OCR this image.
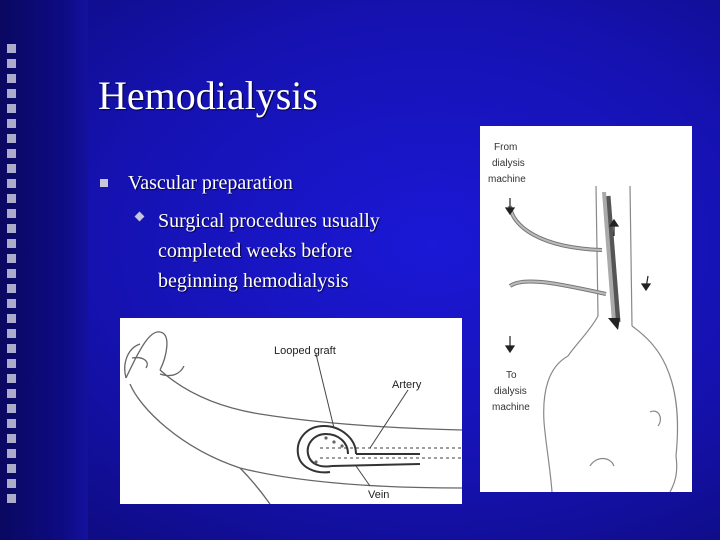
Hemodialysis
Vascular preparation
Surgical procedures usually
completed weeks before
beginning hemodialysis
Looped graft
Artery
Vein
From dialysis machine
To dialysis machine
